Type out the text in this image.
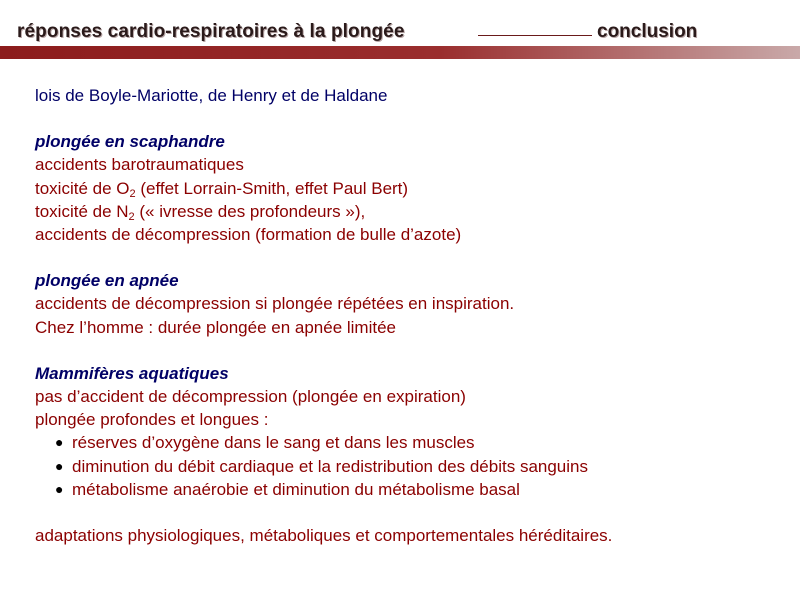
réponses cardio-respiratoires à la plongée	conclusion
lois de Boyle-Mariotte, de Henry et de Haldane
plongée en scaphandre
accidents barotraumatiques
toxicité de $O_2$ (effet Lorrain-Smith, effet Paul Bert)
toxicité de $N_2$ (« ivresse des profondeurs »),
accidents de décompression (formation de bulle d’azote)
plongée en apnée
accidents de décompression si plongée répétées en inspiration.
Chez l’homme : durée plongée en apnée limitée
Mammifères aquatiques
pas d’accident de décompression (plongée en expiration)
plongée profondes et longues :
● réserves d’oxygène dans le sang et dans les muscles
● diminution du débit cardiaque et la redistribution des débits sanguins
● métabolisme anaérobie et diminution du métabolisme basal
adaptations physiologiques, métaboliques et comportementales héréditaires.
